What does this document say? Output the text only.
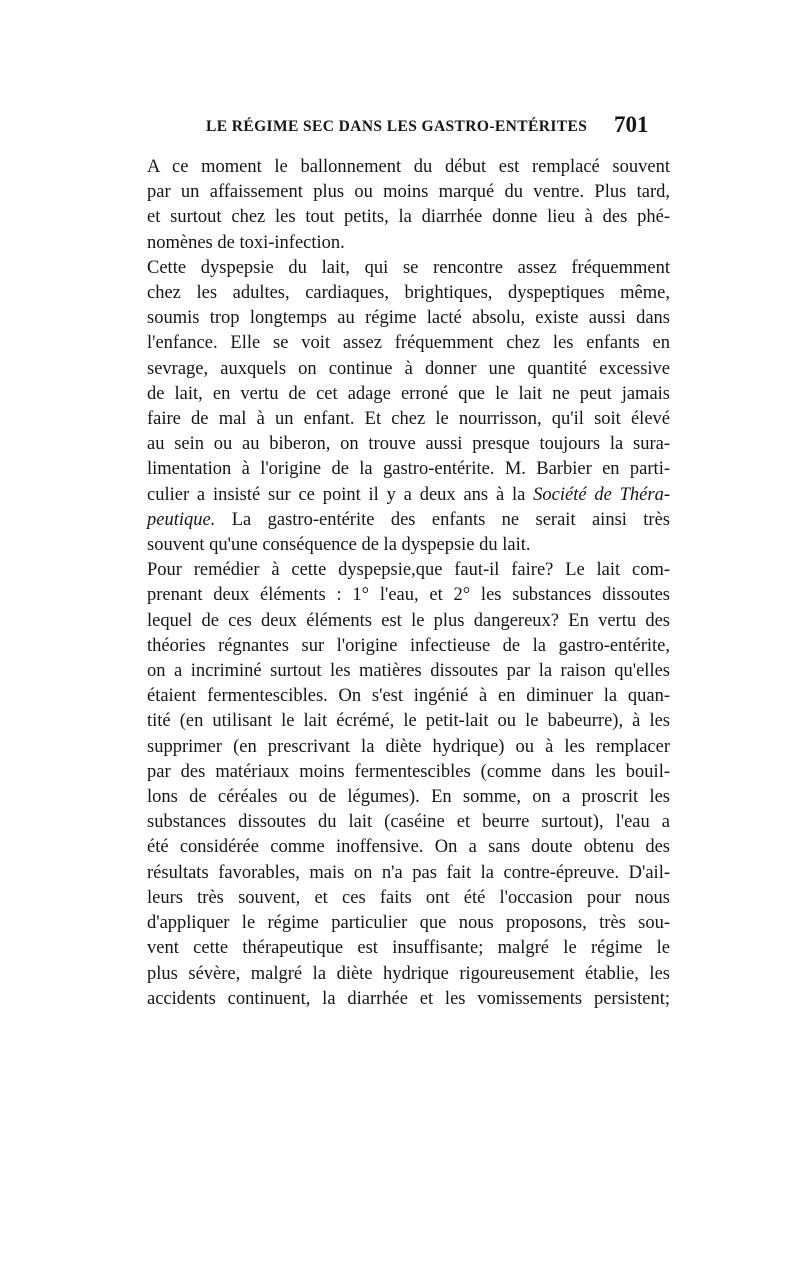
LE RÉGIME SEC DANS LES GASTRO-ENTÉRITES	701

A ce moment le ballonnement du début est remplacé souvent
par un affaissement plus ou moins marqué du ventre. Plus tard,
et surtout chez les tout petits, la diarrhée donne lieu à des phé-
nomènes de toxi-infection.

Cette dyspepsie du lait, qui se rencontre assez fréquemment
chez les adultes, cardiaques, brightiques, dyspeptiques même,
soumis trop longtemps au régime lacté absolu, existe aussi dans
l'enfance. Elle se voit assez fréquemment chez les enfants en
sevrage, auxquels on continue à donner une quantité excessive
de lait, en vertu de cet adage erroné que le lait ne peut jamais
faire de mal à un enfant. Et chez le nourrisson, qu'il soit élevé
au sein ou au biberon, on trouve aussi presque toujours la sura-
limentation à l'origine de la gastro-entérite. M. Barbier en parti-
culier a insisté sur ce point il y a deux ans à la Société de Théra-
peutique. La gastro-entérite des enfants ne serait ainsi très
souvent qu'une conséquence de la dyspepsie du lait.

Pour remédier à cette dyspepsie,que faut-il faire? Le lait com-
prenant deux éléments : 1° l'eau, et 2° les substances dissoutes
lequel de ces deux éléments est le plus dangereux? En vertu des
théories régnantes sur l'origine infectieuse de la gastro-entérite,
on a incriminé surtout les matières dissoutes par la raison qu'elles
étaient fermentescibles. On s'est ingénié à en diminuer la quan-
tité (en utilisant le lait écrémé, le petit-lait ou le babeurre), à les
supprimer (en prescrivant la diète hydrique) ou à les remplacer
par des matériaux moins fermentescibles (comme dans les bouil-
lons de céréales ou de légumes). En somme, on a proscrit les
substances dissoutes du lait (caséine et beurre surtout), l'eau a
été considérée comme inoffensive. On a sans doute obtenu des
résultats favorables, mais on n'a pas fait la contre-épreuve. D'ail-
leurs très souvent, et ces faits ont été l'occasion pour nous
d'appliquer le régime particulier que nous proposons, très sou-
vent cette thérapeutique est insuffisante; malgré le régime le
plus sévère, malgré la diète hydrique rigoureusement établie, les
accidents continuent, la diarrhée et les vomissements persistent;
